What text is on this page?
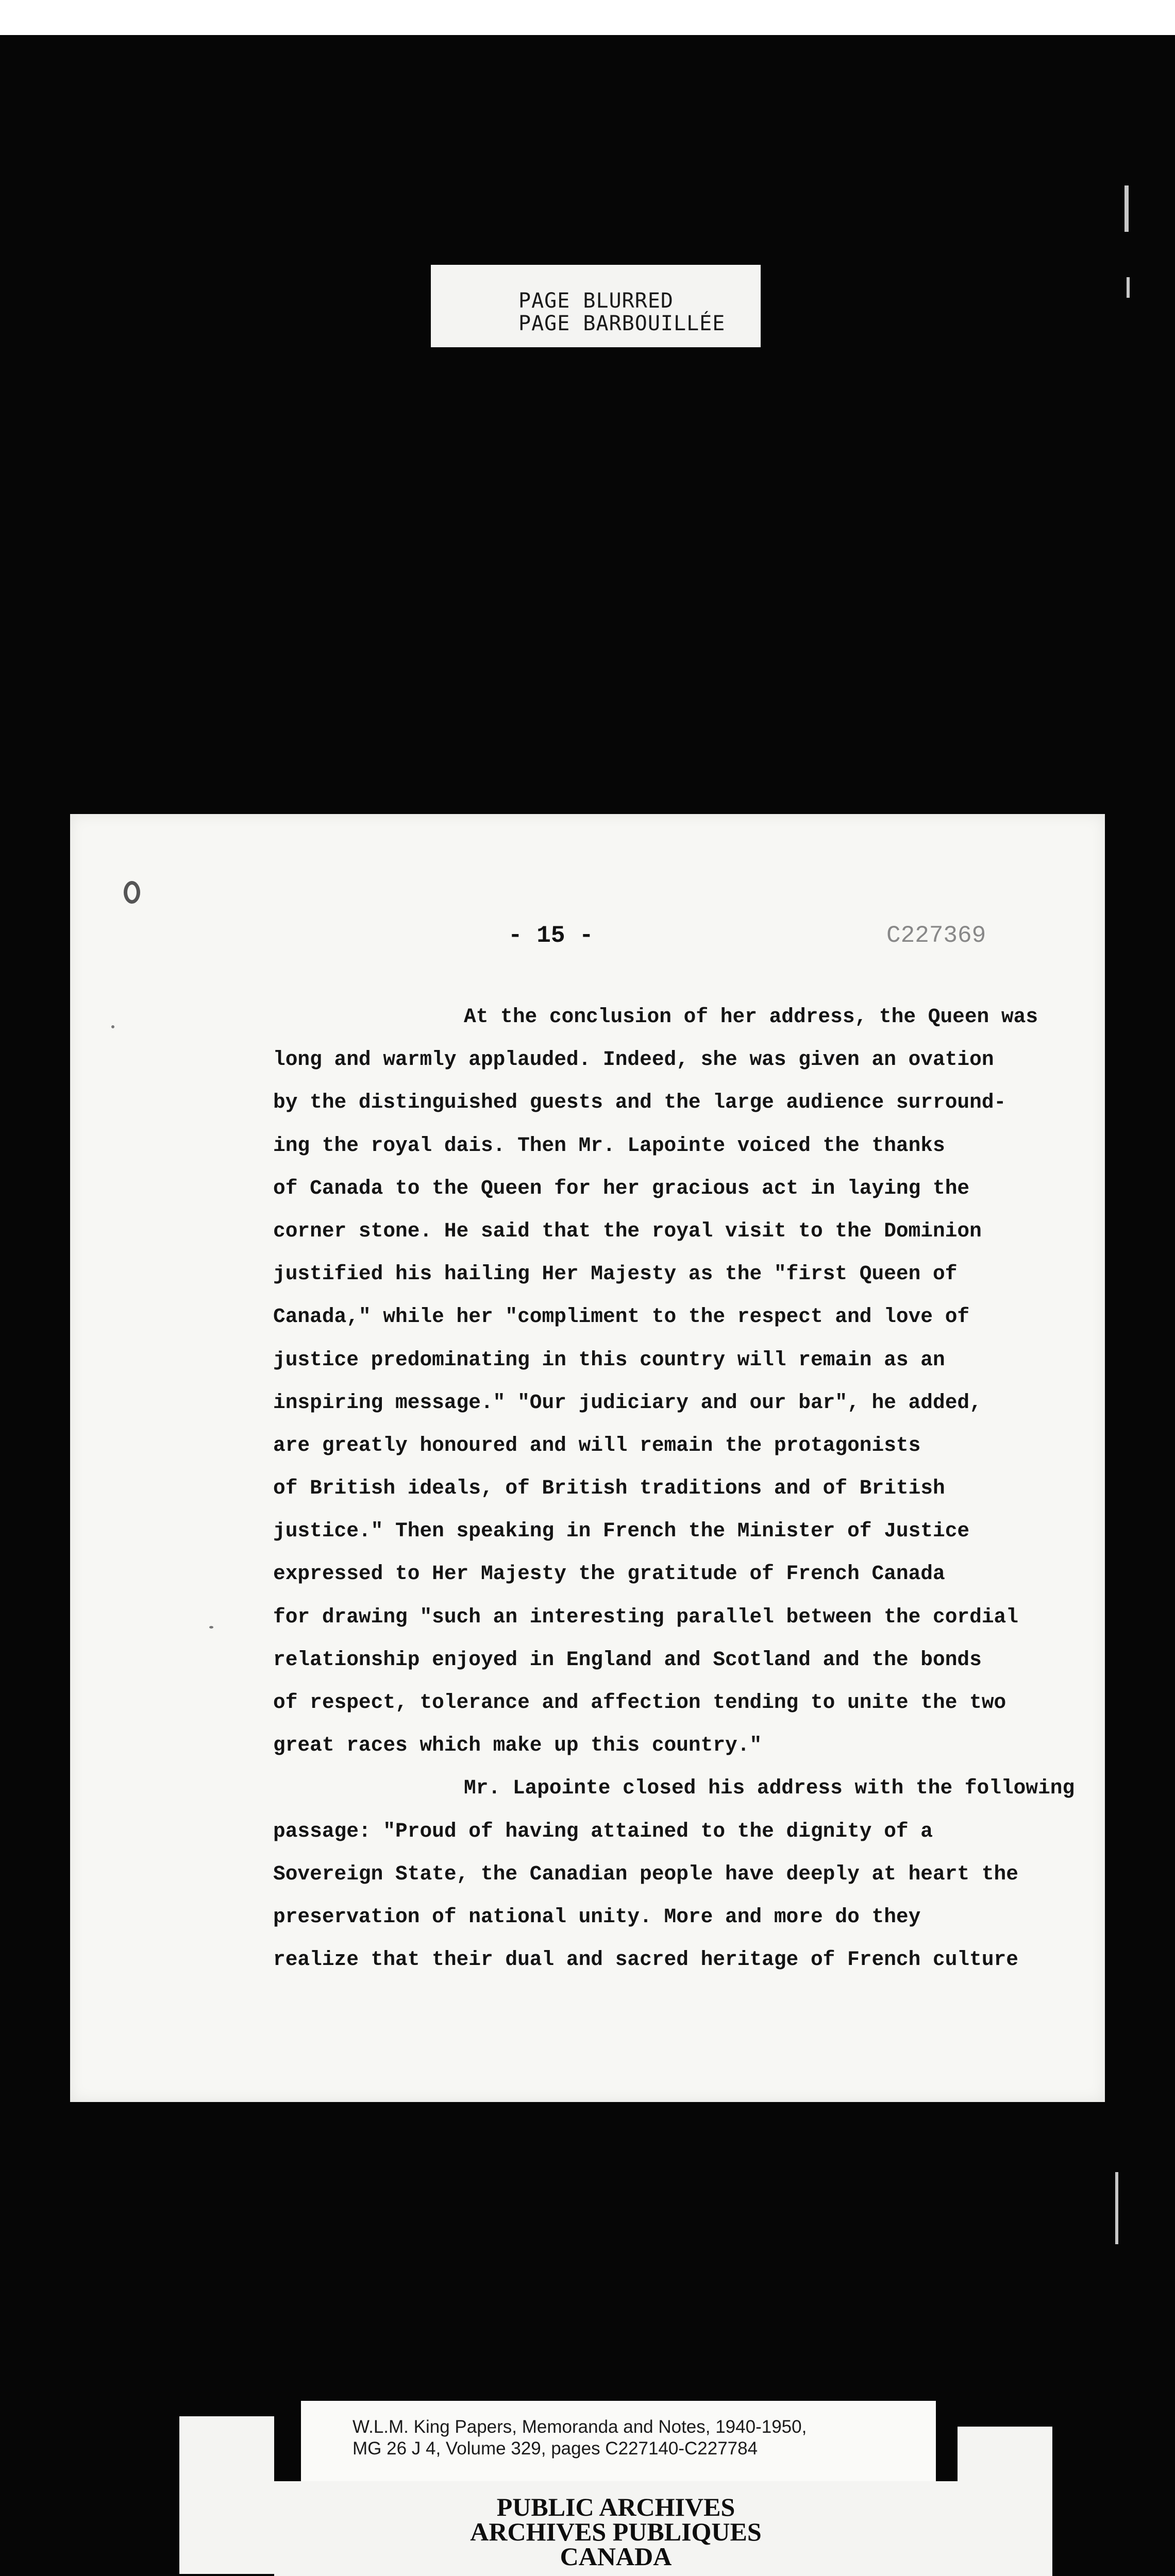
PAGE BLURRED
PAGE BARBOUILLÉE
- 15 -	C227369
At the conclusion of her address, the Queen was
long and warmly applauded. Indeed, she was given an ovation
by the distinguished guests and the large audience surround-
ing the royal dais. Then Mr. Lapointe voiced the thanks
of Canada to the Queen for her gracious act in laying the
corner stone. He said that the royal visit to the Dominion
justified his hailing Her Majesty as the "first Queen of
Canada," while her "compliment to the respect and love of
justice predominating in this country will remain as an
inspiring message." "Our judiciary and our bar", he added,
are greatly honoured and will remain the protagonists
of British ideals, of British traditions and of British
justice." Then speaking in French the Minister of Justice
expressed to Her Majesty the gratitude of French Canada
for drawing "such an interesting parallel between the cordial
relationship enjoyed in England and Scotland and the bonds
of respect, tolerance and affection tending to unite the two
great races which make up this country."
Mr. Lapointe closed his address with the following
passage: "Proud of having attained to the dignity of a
Sovereign State, the Canadian people have deeply at heart the
preservation of national unity. More and more do they
realize that their dual and sacred heritage of French culture
W.L.M. King Papers, Memoranda and Notes, 1940-1950,
MG 26 J 4, Volume 329, pages C227140-C227784
PUBLIC ARCHIVES
ARCHIVES PUBLIQUES
CANADA
